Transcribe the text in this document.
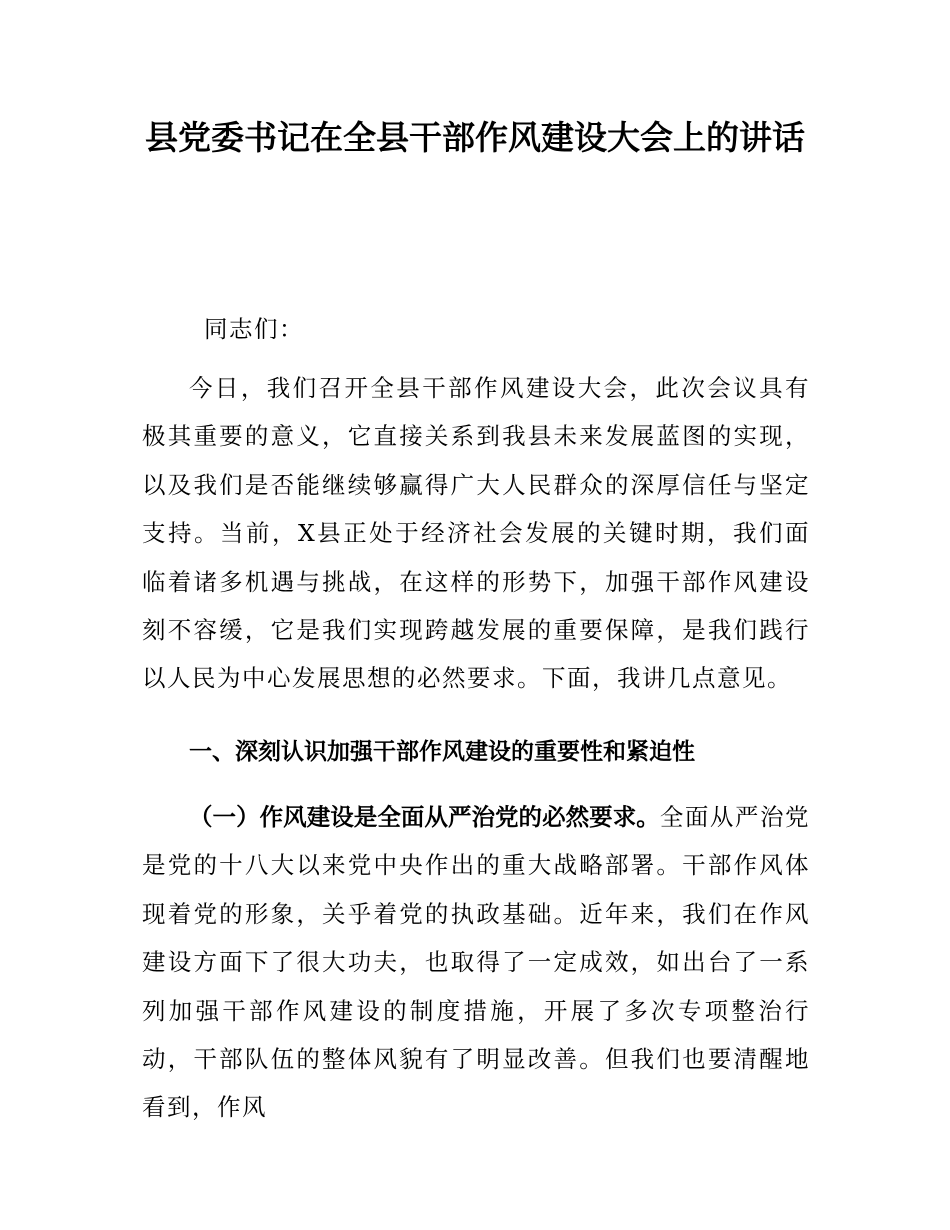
县党委书记在全县干部作风建设大会上的讲话
同志们：
今日，我们召开全县干部作风建设大会，此次会议具有极其重要的意义，它直接关系到我县未来发展蓝图的实现，以及我们是否能继续够赢得广大人民群众的深厚信任与坚定支持。当前，X县正处于经济社会发展的关键时期，我们面临着诸多机遇与挑战，在这样的形势下，加强干部作风建设刻不容缓，它是我们实现跨越发展的重要保障，是我们践行以人民为中心发展思想的必然要求。下面，我讲几点意见。
一、深刻认识加强干部作风建设的重要性和紧迫性
（一）作风建设是全面从严治党的必然要求。全面从严治党是党的十八大以来党中央作出的重大战略部署。干部作风体现着党的形象，关乎着党的执政基础。近年来，我们在作风建设方面下了很大功夫，也取得了一定成效，如出台了一系列加强干部作风建设的制度措施，开展了多次专项整治行动，干部队伍的整体风貌有了明显改善。但我们也要清醒地看到，作风
